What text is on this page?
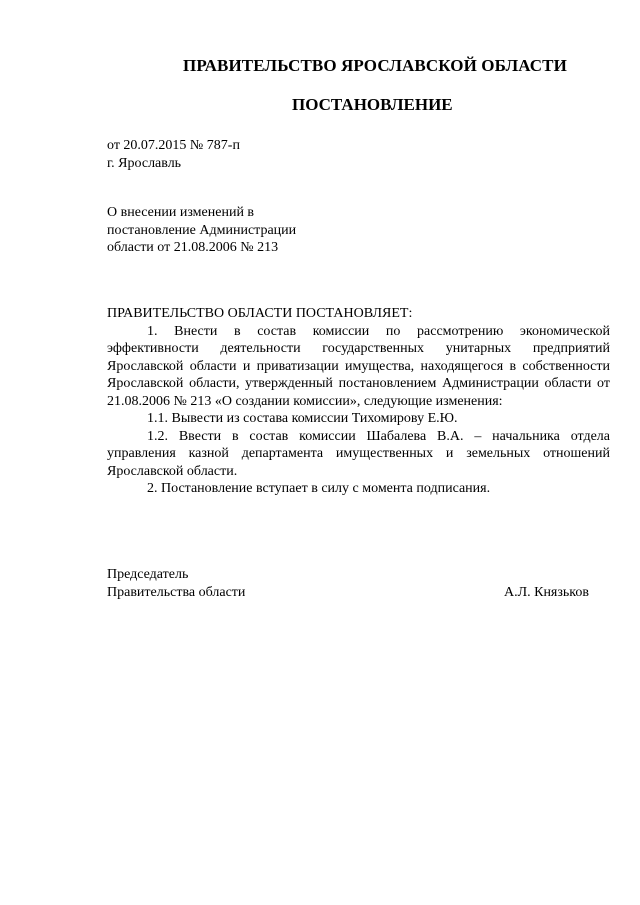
ПРАВИТЕЛЬСТВО ЯРОСЛАВСКОЙ ОБЛАСТИ
ПОСТАНОВЛЕНИЕ
от 20.07.2015 № 787-п
г. Ярославль
О внесении изменений в
постановление Администрации
области от 21.08.2006 № 213
ПРАВИТЕЛЬСТВО ОБЛАСТИ ПОСТАНОВЛЯЕТ:

1. Внести в состав комиссии по рассмотрению экономической эффективности деятельности государственных унитарных предприятий Ярославской области и приватизации имущества, находящегося в собственности Ярославской области, утвержденный постановлением Администрации области от 21.08.2006 № 213 «О создании комиссии», следующие изменения:

1.1. Вывести из состава комиссии Тихомирову Е.Ю.

1.2. Ввести в состав комиссии Шабалева В.А. – начальника отдела управления казной департамента имущественных и земельных отношений Ярославской области.

2. Постановление вступает в силу с момента подписания.

Председатель
Правительства области	А.Л. Князьков
